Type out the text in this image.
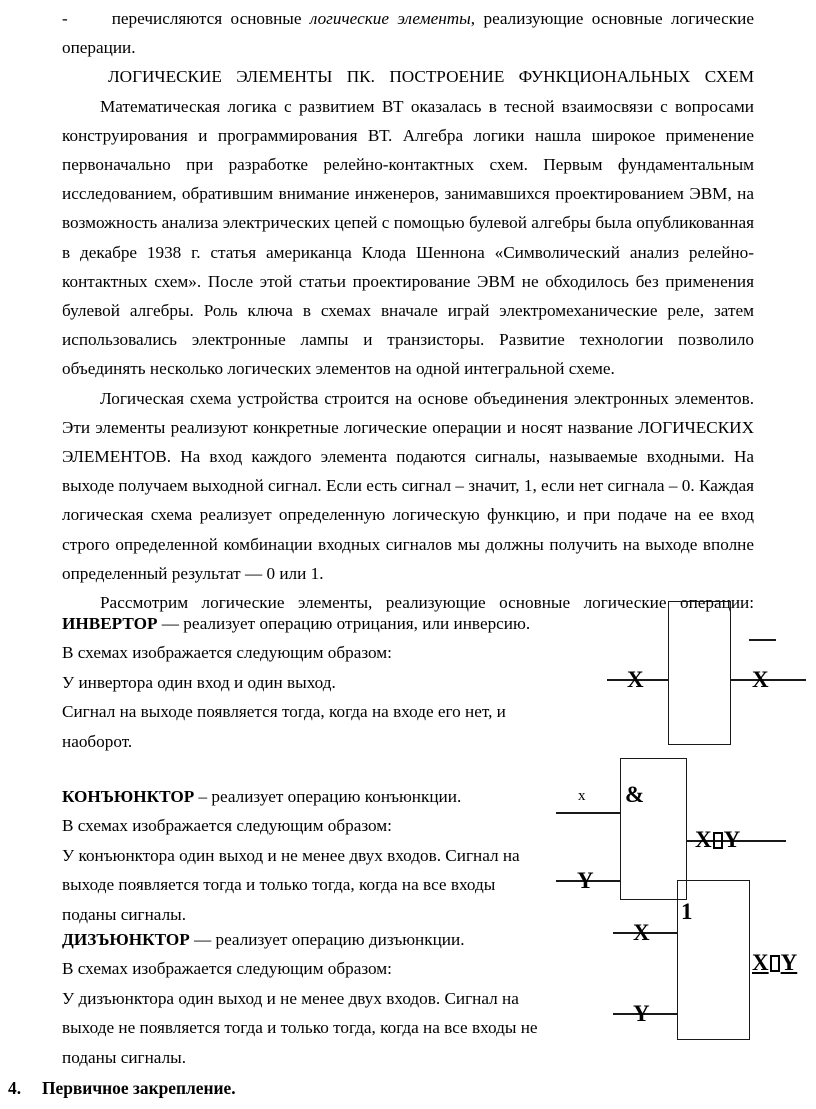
-	перечисляются основные логические элементы, реализующие основные логические операции.

ЛОГИЧЕСКИЕ ЭЛЕМЕНТЫ ПК. ПОСТРОЕНИЕ ФУНКЦИОНАЛЬНЫХ СХЕМ

Математическая логика с развитием ВТ оказалась в тесной взаимосвязи с вопросами конструирования и программирования ВТ. Алгебра логики нашла широкое применение первоначально при разработке релейно-контактных схем. Первым фундаментальным исследованием, обратившим внимание инженеров, занимавшихся проектированием ЭВМ, на возможность анализа электрических цепей с помощью булевой алгебры была опубликованная в декабре 1938 г. статья американца Клода Шеннона «Символический анализ релейно-контактных схем». После этой статьи проектирование ЭВМ не обходилось без применения булевой алгебры. Роль ключа в схемах вначале играй электромеханические реле, затем использовались электронные лампы и транзисторы. Развитие технологии позволило объединять несколько логических элементов на одной интегральной схеме.

Логическая схема устройства строится на основе объединения электронных элементов. Эти элементы реализуют конкретные логические операции и носят название ЛОГИЧЕСКИХ ЭЛЕМЕНТОВ. На вход каждого элемента подаются сигналы, называемые входными. На выходе получаем выходной сигнал. Если есть сигнал – значит, 1, если нет сигнала – 0. Каждая логическая схема реализует определенную логическую функцию, и при подаче на ее вход строго определенной комбинации входных сигналов мы должны получить на выходе вполне определенный результат — 0 или 1.

Рассмотрим логические элементы, реализующие основные логические операции:

ИНВЕРТОР — реализует операцию отрицания, или инверсию.

В схемах изображается следующим образом:

У инвертора один вход и один выход.

Сигнал на выходе появляется тогда, когда на входе его нет, и наоборот.

КОНЪЮНКТОР – реализует операцию конъюнкции.

В схемах изображается следующим образом:

У конъюнктора один выход и не менее двух входов. Сигнал на выходе появляется тогда и только тогда, когда на все входы поданы сигналы.

ДИЗЪЮНКТОР — реализует операцию дизъюнкции.

В схемах изображается следующим образом:

У дизъюнктора один выход и не менее двух входов. Сигнал на выходе не появляется тогда и только тогда, когда на все входы не поданы сигналы.

X	X
&
x
Y
X Y
1
X
Y
X Y
4. Первичное закрепление.
